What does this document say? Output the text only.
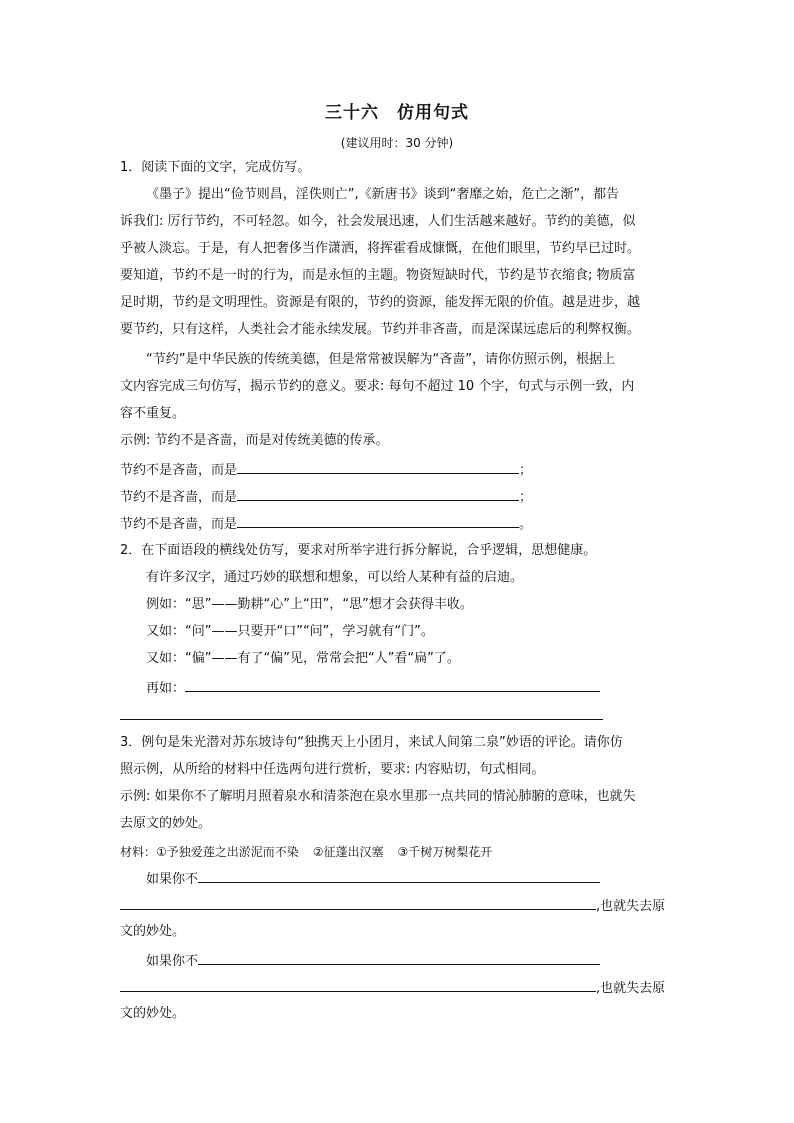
三十六　仿用句式
(建议用时：30 分钟)
1．阅读下面的文字，完成仿写。
《墨子》提出“俭节则昌，淫佚则亡”,《新唐书》谈到“奢靡之始，危亡之渐”，都告
诉我们: 厉行节约，不可轻忽。如今，社会发展迅速，人们生活越来越好。节约的美德，似
乎被人淡忘。于是，有人把奢侈当作潇洒，将挥霍看成慷慨，在他们眼里，节约早已过时。
要知道，节约不是一时的行为，而是永恒的主题。物资短缺时代，节约是节衣缩食; 物质富
足时期，节约是文明理性。资源是有限的，节约的资源，能发挥无限的价值。越是进步，越
要节约，只有这样，人类社会才能永续发展。节约并非吝啬，而是深谋远虑后的利弊权衡。
“节约”是中华民族的传统美德，但是常常被误解为“吝啬”，请你仿照示例，根据上
文内容完成三句仿写，揭示节约的意义。要求: 每句不超过 10 个字，句式与示例一致，内
容不重复。
示例: 节约不是吝啬，而是对传统美德的传承。
节约不是吝啬，而是	；
节约不是吝啬，而是	；
节约不是吝啬，而是	。
2．在下面语段的横线处仿写，要求对所举字进行拆分解说，合乎逻辑，思想健康。
有许多汉字，通过巧妙的联想和想象，可以给人某种有益的启迪。
例如：“思”——勤耕“心”上“田”，“思”想才会获得丰收。
又如：“问”——只要开“口”“问”，学习就有“门”。
又如：“偏”——有了“偏”见，常常会把“人”看“扁”了。
再如：
3．例句是朱光潜对苏东坡诗句“独携天上小团月，来试人间第二泉”妙语的评论。请你仿
照示例，从所给的材料中任选两句进行赏析，要求: 内容贴切，句式相同。
示例: 如果你不了解明月照着泉水和清茶泡在泉水里那一点共同的情沁肺腑的意味，也就失
去原文的妙处。
材料：①予独爱莲之出淤泥而不染 ②征蓬出汉塞 ③千树万树梨花开
如果你不
,也就失去原
文的妙处。
如果你不
,也就失去原
文的妙处。
